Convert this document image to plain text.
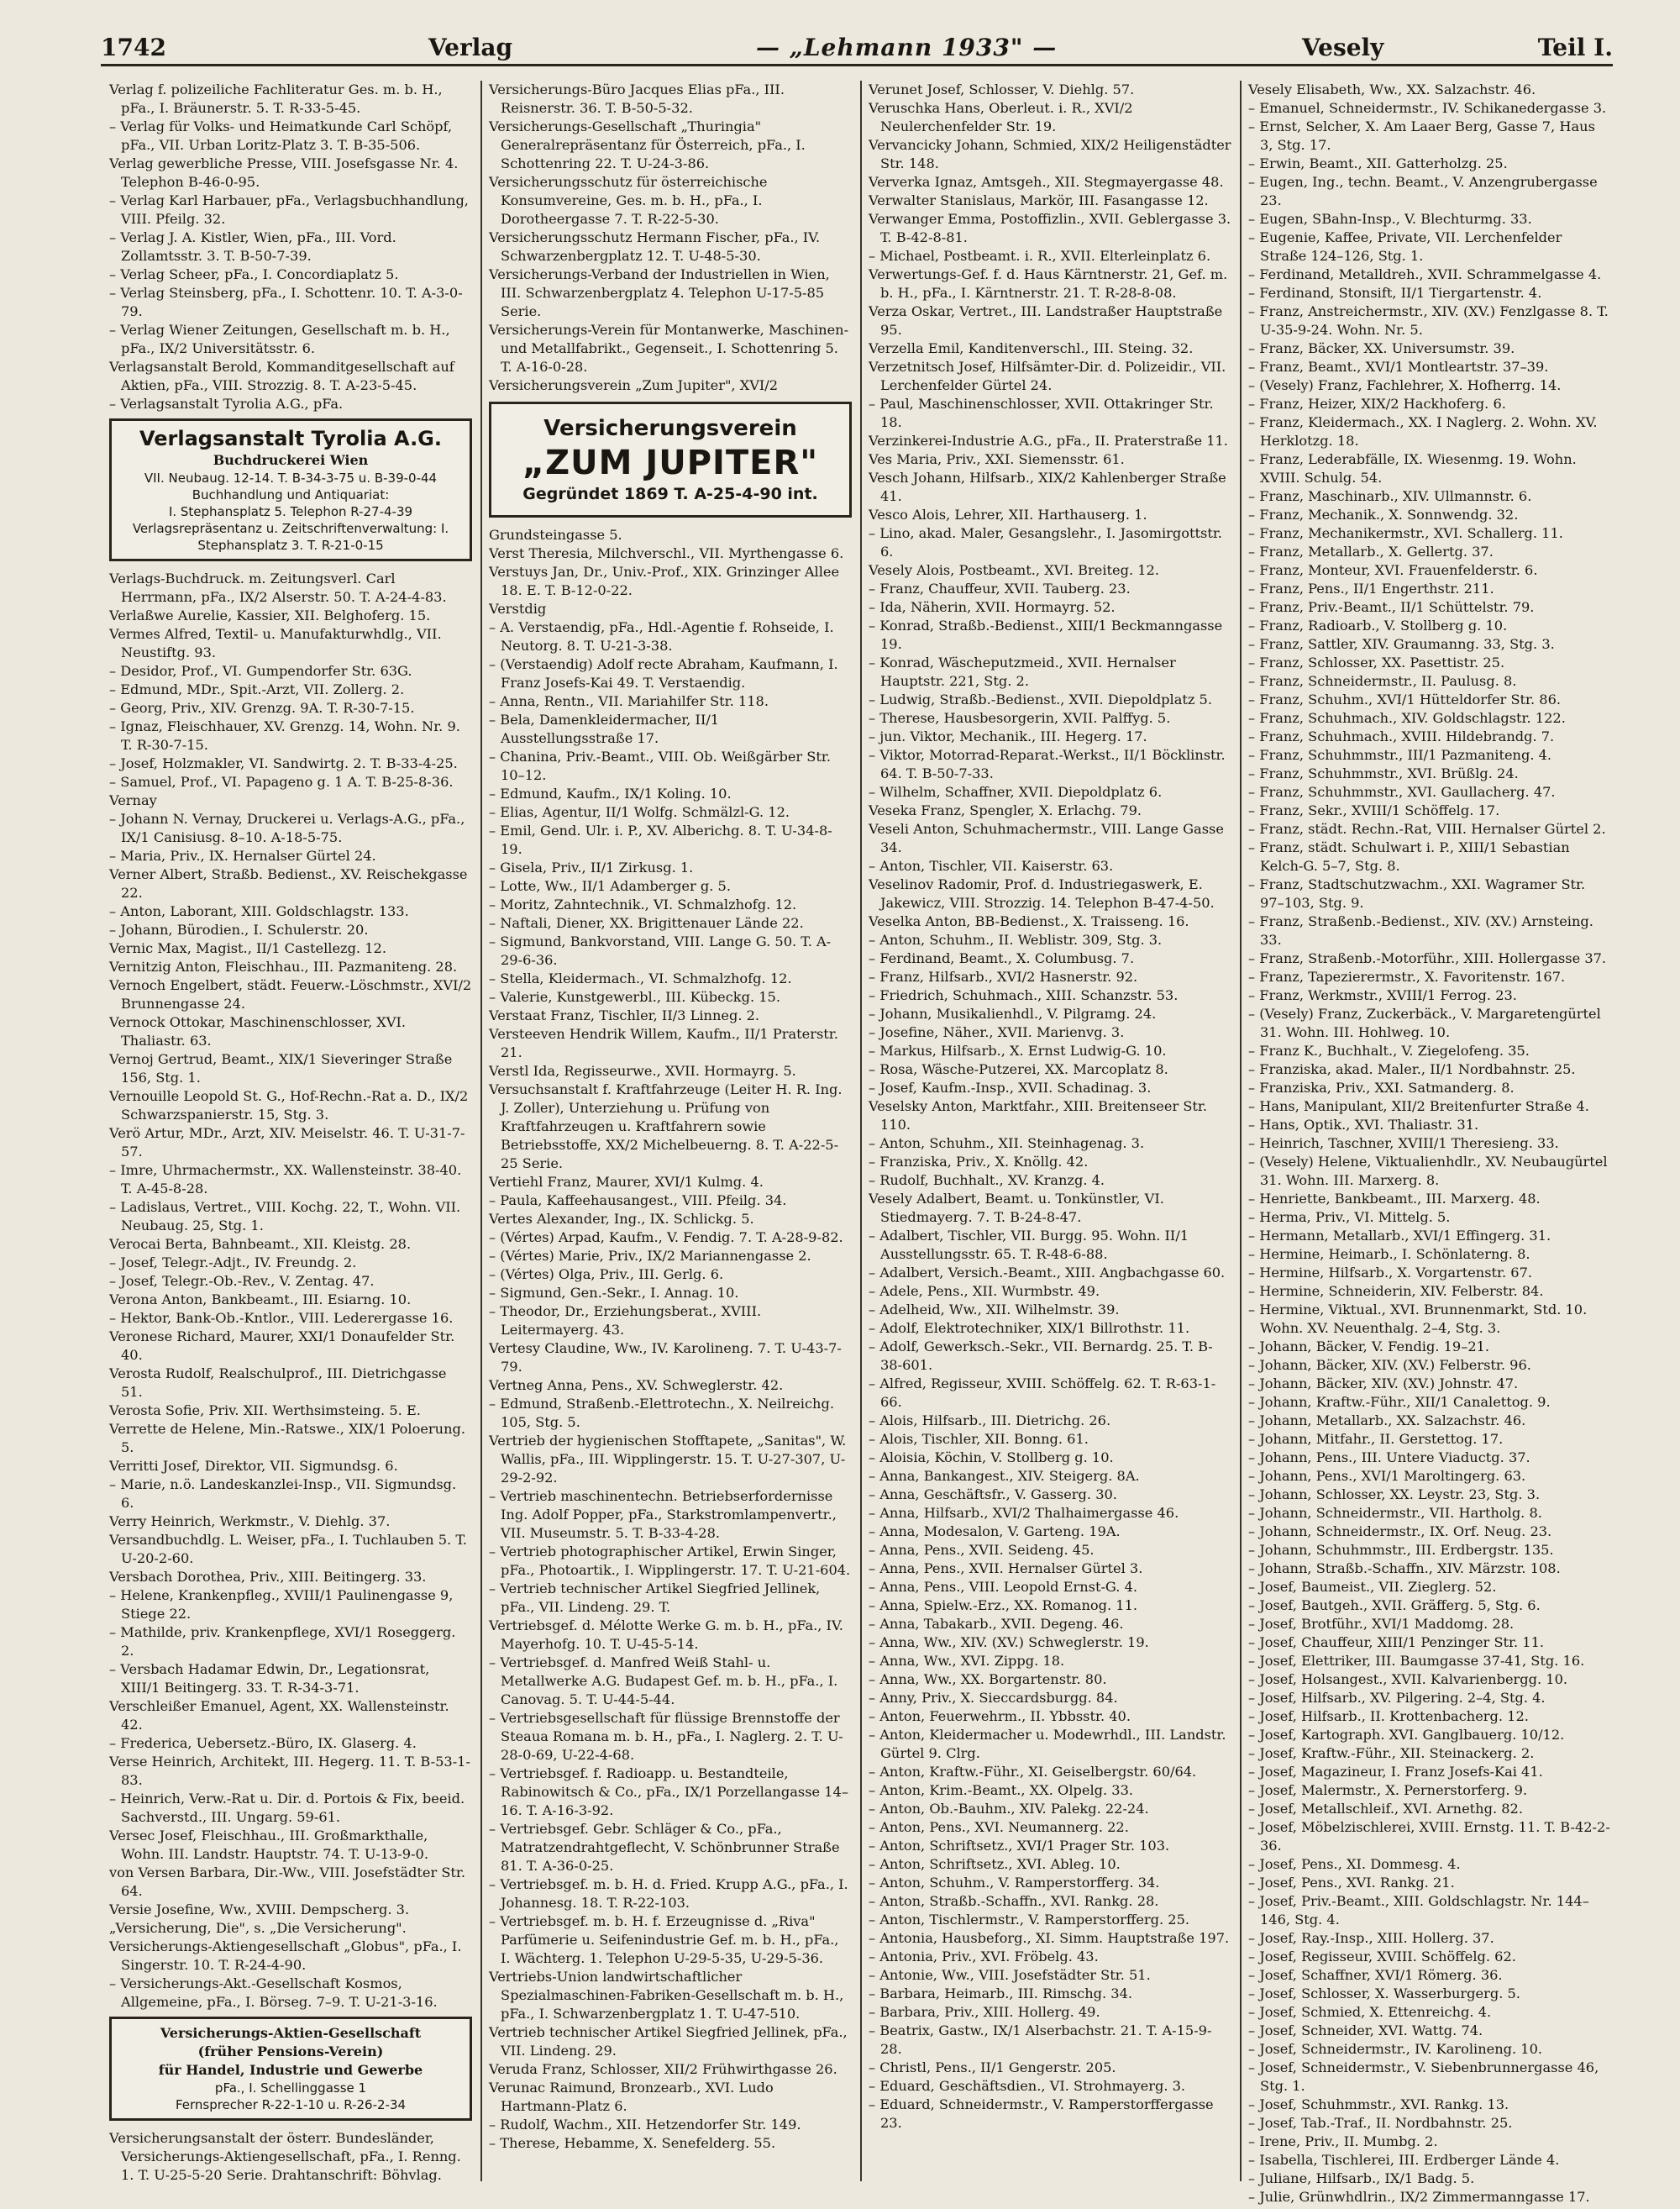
1742	Verlag	— „Lehmann 1933" —	Vesely	Teil I.

Verlag f. polizeiliche Fachliteratur Ges. m. b. H., pFa., I. Bräunerstr. 5. T. R-33-5-45.

– Verlag für Volks- und Heimatkunde Carl Schöpf, pFa., VII. Urban Loritz-Platz 3. T. B-35-506.

Verlag gewerbliche Presse, VIII. Josefsgasse Nr. 4. Telephon B-46-0-95.

– Verlag Karl Harbauer, pFa., Verlagsbuchhandlung, VIII. Pfeilg. 32.

– Verlag J. A. Kistler, Wien, pFa., III. Vord. Zollamtsstr. 3. T. B-50-7-39.

– Verlag Scheer, pFa., I. Concordiaplatz 5.

– Verlag Steinsberg, pFa., I. Schottenr. 10. T. A-3-0-79.

– Verlag Wiener Zeitungen, Gesellschaft m. b. H., pFa., IX/2 Universitätsstr. 6.

Verlagsanstalt Berold, Kommanditgesellschaft auf Aktien, pFa., VIII. Strozzig. 8. T. A-23-5-45.

– Verlagsanstalt Tyrolia A.G., pFa.

Verlagsanstalt Tyrolia A.G.
Buchdruckerei Wien
VII. Neubaug. 12-14. T. B-34-3-75 u. B-39-0-44
Buchhandlung und Antiquariat:
I. Stephansplatz 5. Telephon R-27-4-39
Verlagsrepräsentanz u. Zeitschriftenverwaltung: I. Stephansplatz 3. T. R-21-0-15

Verlags-Buchdruck. m. Zeitungsverl. Carl Herrmann, pFa., IX/2 Alserstr. 50. T. A-24-4-83.

Verlaßwe Aurelie, Kassier, XII. Belghoferg. 15.

Vermes Alfred, Textil- u. Manufakturwhdlg., VII. Neustiftg. 93.

– Desidor, Prof., VI. Gumpendorfer Str. 63G.

– Edmund, MDr., Spit.-Arzt, VII. Zollerg. 2.

– Georg, Priv., XIV. Grenzg. 9A. T. R-30-7-15.

– Ignaz, Fleischhauer, XV. Grenzg. 14, Wohn. Nr. 9. T. R-30-7-15.

– Josef, Holzmakler, VI. Sandwirtg. 2. T. B-33-4-25.

– Samuel, Prof., VI. Papageno g. 1 A. T. B-25-8-36.

Vernay

– Johann N. Vernay, Druckerei u. Verlags-A.G., pFa., IX/1 Canisiusg. 8–10. A-18-5-75.

– Maria, Priv., IX. Hernalser Gürtel 24.

Verner Albert, Straßb. Bedienst., XV. Reischekgasse 22.

– Anton, Laborant, XIII. Goldschlagstr. 133.

– Johann, Bürodien., I. Schulerstr. 20.

Vernic Max, Magist., II/1 Castellezg. 12.

Vernitzig Anton, Fleischhau., III. Pazmaniteng. 28.

Vernoch Engelbert, städt. Feuerw.-Löschmstr., XVI/2 Brunnengasse 24.

Vernock Ottokar, Maschinenschlosser, XVI. Thaliastr. 63.

Vernoj Gertrud, Beamt., XIX/1 Sieveringer Straße 156, Stg. 1.

Vernouille Leopold St. G., Hof-Rechn.-Rat a. D., IX/2 Schwarzspanierstr. 15, Stg. 3.

Verö Artur, MDr., Arzt, XIV. Meiselstr. 46. T. U-31-7-57.

– Imre, Uhrmachermstr., XX. Wallensteinstr. 38-40. T. A-45-8-28.

– Ladislaus, Vertret., VIII. Kochg. 22, T., Wohn. VII. Neubaug. 25, Stg. 1.

Verocai Berta, Bahnbeamt., XII. Kleistg. 28.

– Josef, Telegr.-Adjt., IV. Freundg. 2.

– Josef, Telegr.-Ob.-Rev., V. Zentag. 47.

Verona Anton, Bankbeamt., III. Esiarng. 10.

– Hektor, Bank-Ob.-Kntlor., VIII. Lederergasse 16.

Veronese Richard, Maurer, XXI/1 Donaufelder Str. 40.

Verosta Rudolf, Realschulprof., III. Dietrichgasse 51.

Verosta Sofie, Priv. XII. Werthsimsteing. 5. E.

Verrette de Helene, Min.-Ratswe., XIX/1 Poloerung. 5.

Verritti Josef, Direktor, VII. Sigmundsg. 6.

– Marie, n.ö. Landeskanzlei-Insp., VII. Sigmundsg. 6.

Verry Heinrich, Werkmstr., V. Diehlg. 37.

Versandbuchdlg. L. Weiser, pFa., I. Tuchlauben 5. T. U-20-2-60.

Versbach Dorothea, Priv., XIII. Beitingerg. 33.

– Helene, Krankenpfleg., XVIII/1 Paulinengasse 9, Stiege 22.

– Mathilde, priv. Krankenpflege, XVI/1 Roseggerg. 2.

– Versbach Hadamar Edwin, Dr., Legationsrat, XIII/1 Beitingerg. 33. T. R-34-3-71.

Verschleißer Emanuel, Agent, XX. Wallensteinstr. 42.

– Frederica, Uebersetz.-Büro, IX. Glaserg. 4.

Verse Heinrich, Architekt, III. Hegerg. 11. T. B-53-1-83.

– Heinrich, Verw.-Rat u. Dir. d. Portois & Fix, beeid. Sachverstd., III. Ungarg. 59-61.

Versec Josef, Fleischhau., III. Großmarkthalle, Wohn. III. Landstr. Hauptstr. 74. T. U-13-9-0.

von Versen Barbara, Dir.-Ww., VIII. Josefstädter Str. 64.

Versie Josefine, Ww., XVIII. Dempscherg. 3.

„Versicherung, Die", s. „Die Versicherung".

Versicherungs-Aktiengesellschaft „Globus", pFa., I. Singerstr. 10. T. R-24-4-90.

– Versicherungs-Akt.-Gesellschaft Kosmos, Allgemeine, pFa., I. Börseg. 7–9. T. U-21-3-16.

Versicherungs-Aktien-Gesellschaft
(früher Pensions-Verein)
für Handel, Industrie und Gewerbe
pFa., I. Schellinggasse 1
Fernsprecher R-22-1-10 u. R-26-2-34

Versicherungsanstalt der österr. Bundesländer, Versicherungs-Aktiengesellschaft, pFa., I. Renng. 1. T. U-25-5-20 Serie. Drahtanschrift: Böhvlag.

Versicherungs-Büro Jacques Elias pFa., III. Reisnerstr. 36. T. B-50-5-32.

Versicherungs-Gesellschaft „Thuringia" Generalrepräsentanz für Österreich, pFa., I. Schottenring 22. T. U-24-3-86.

Versicherungsschutz für österreichische Konsumvereine, Ges. m. b. H., pFa., I. Dorotheergasse 7. T. R-22-5-30.

Versicherungsschutz Hermann Fischer, pFa., IV. Schwarzenbergplatz 12. T. U-48-5-30.

Versicherungs-Verband der Industriellen in Wien, III. Schwarzenbergplatz 4. Telephon U-17-5-85 Serie.

Versicherungs-Verein für Montanwerke, Maschinen- und Metallfabrikt., Gegenseit., I. Schottenring 5. T. A-16-0-28.

Versicherungsverein „Zum Jupiter", XVI/2

Versicherungsverein
„ZUM JUPITER"
Gegründet 1869 T. A-25-4-90 int.

Grundsteingasse 5.

Verst Theresia, Milchverschl., VII. Myrthengasse 6.

Verstuys Jan, Dr., Univ.-Prof., XIX. Grinzinger Allee 18. E. T. B-12-0-22.

Verstdig

– A. Verstaendig, pFa., Hdl.-Agentie f. Rohseide, I. Neutorg. 8. T. U-21-3-38.

– (Verstaendig) Adolf recte Abraham, Kaufmann, I. Franz Josefs-Kai 49. T. Verstaendig.

– Anna, Rentn., VII. Mariahilfer Str. 118.

– Bela, Damenkleidermacher, II/1 Ausstellungsstraße 17.

– Chanina, Priv.-Beamt., VIII. Ob. Weißgärber Str. 10–12.

– Edmund, Kaufm., IX/1 Koling. 10.

– Elias, Agentur, II/1 Wolfg. Schmälzl-G. 12.

– Emil, Gend. Ulr. i. P., XV. Alberichg. 8. T. U-34-8-19.

– Gisela, Priv., II/1 Zirkusg. 1.

– Lotte, Ww., II/1 Adamberger g. 5.

– Moritz, Zahntechnik., VI. Schmalzhofg. 12.

– Naftali, Diener, XX. Brigittenauer Lände 22.

– Sigmund, Bankvorstand, VIII. Lange G. 50. T. A-29-6-36.

– Stella, Kleidermach., VI. Schmalzhofg. 12.

– Valerie, Kunstgewerbl., III. Kübeckg. 15.

Verstaat Franz, Tischler, II/3 Linneg. 2.

Versteeven Hendrik Willem, Kaufm., II/1 Praterstr. 21.

Verstl Ida, Regisseurwe., XVII. Hormayrg. 5.

Versuchsanstalt f. Kraftfahrzeuge (Leiter H. R. Ing. J. Zoller), Unterziehung u. Prüfung von Kraftfahrzeugen u. Kraftfahrern sowie Betriebsstoffe, XX/2 Michelbeuerng. 8. T. A-22-5-25 Serie.

Vertiehl Franz, Maurer, XVI/1 Kulmg. 4.

– Paula, Kaffeehausangest., VIII. Pfeilg. 34.

Vertes Alexander, Ing., IX. Schlickg. 5.

– (Vértes) Arpad, Kaufm., V. Fendig. 7. T. A-28-9-82.

– (Vértes) Marie, Priv., IX/2 Mariannengasse 2.

– (Vértes) Olga, Priv., III. Gerlg. 6.

– Sigmund, Gen.-Sekr., I. Annag. 10.

– Theodor, Dr., Erziehungsberat., XVIII. Leitermayerg. 43.

Vertesy Claudine, Ww., IV. Karolineng. 7. T. U-43-7-79.

Vertneg Anna, Pens., XV. Schweglerstr. 42.

– Edmund, Straßenb.-Elettrotechn., X. Neilreichg. 105, Stg. 5.

Vertrieb der hygienischen Stofftapete, „Sanitas", W. Wallis, pFa., III. Wipplingerstr. 15. T. U-27-307, U-29-2-92.

– Vertrieb maschinentechn. Betriebserfordernisse Ing. Adolf Popper, pFa., Starkstromlampenvertr., VII. Museumstr. 5. T. B-33-4-28.

– Vertrieb photographischer Artikel, Erwin Singer, pFa., Photoartik., I. Wipplingerstr. 17. T. U-21-604.

– Vertrieb technischer Artikel Siegfried Jellinek, pFa., VII. Lindeng. 29. T.

Vertriebsgef. d. Mélotte Werke G. m. b. H., pFa., IV. Mayerhofg. 10. T. U-45-5-14.

– Vertriebsgef. d. Manfred Weiß Stahl- u. Metallwerke A.G. Budapest Gef. m. b. H., pFa., I. Canovag. 5. T. U-44-5-44.

– Vertriebsgesellschaft für flüssige Brennstoffe der Steaua Romana m. b. H., pFa., I. Naglerg. 2. T. U-28-0-69, U-22-4-68.

– Vertriebsgef. f. Radioapp. u. Bestandteile, Rabinowitsch & Co., pFa., IX/1 Porzellangasse 14–16. T. A-16-3-92.

– Vertriebsgef. Gebr. Schläger & Co., pFa., Matratzendrahtgeflecht, V. Schönbrunner Straße 81. T. A-36-0-25.

– Vertriebsgef. m. b. H. d. Fried. Krupp A.G., pFa., I. Johannesg. 18. T. R-22-103.

– Vertriebsgef. m. b. H. f. Erzeugnisse d. „Riva" Parfümerie u. Seifenindustrie Gef. m. b. H., pFa., I. Wächterg. 1. Telephon U-29-5-35, U-29-5-36.

Vertriebs-Union landwirtschaftlicher Spezialmaschinen-Fabriken-Gesellschaft m. b. H., pFa., I. Schwarzenbergplatz 1. T. U-47-510.

Vertrieb technischer Artikel Siegfried Jellinek, pFa., VII. Lindeng. 29.

Veruda Franz, Schlosser, XII/2 Frühwirthgasse 26.

Verunac Raimund, Bronzearb., XVI. Ludo Hartmann-Platz 6.

– Rudolf, Wachm., XII. Hetzendorfer Str. 149.

– Therese, Hebamme, X. Senefelderg. 55.

Verunet Josef, Schlosser, V. Diehlg. 57.

Veruschka Hans, Oberleut. i. R., XVI/2 Neulerchenfelder Str. 19.

Vervancicky Johann, Schmied, XIX/2 Heiligenstädter Str. 148.

Ververka Ignaz, Amtsgeh., XII. Stegmayergasse 48.

Verwalter Stanislaus, Markör, III. Fasangasse 12.

Verwanger Emma, Postoffizlin., XVII. Geblergasse 3. T. B-42-8-81.

– Michael, Postbeamt. i. R., XVII. Elterleinplatz 6.

Verwertungs-Gef. f. d. Haus Kärntnerstr. 21, Gef. m. b. H., pFa., I. Kärntnerstr. 21. T. R-28-8-08.

Verza Oskar, Vertret., III. Landstraßer Hauptstraße 95.

Verzella Emil, Kanditenverschl., III. Steing. 32.

Verzetnitsch Josef, Hilfsämter-Dir. d. Polizeidir., VII. Lerchenfelder Gürtel 24.

– Paul, Maschinenschlosser, XVII. Ottakringer Str. 18.

Verzinkerei-Industrie A.G., pFa., II. Praterstraße 11.

Ves Maria, Priv., XXI. Siemensstr. 61.

Vesch Johann, Hilfsarb., XIX/2 Kahlenberger Straße 41.

Vesco Alois, Lehrer, XII. Harthauserg. 1.

– Lino, akad. Maler, Gesangslehr., I. Jasomirgottstr. 6.

Vesely Alois, Postbeamt., XVI. Breiteg. 12.

– Franz, Chauffeur, XVII. Tauberg. 23.

– Ida, Näherin, XVII. Hormayrg. 52.

– Konrad, Straßb.-Bedienst., XIII/1 Beckmanngasse 19.

– Konrad, Wäscheputzmeid., XVII. Hernalser Hauptstr. 221, Stg. 2.

– Ludwig, Straßb.-Bedienst., XVII. Diepoldplatz 5.

– Therese, Hausbesorgerin, XVII. Palffyg. 5.

– jun. Viktor, Mechanik., III. Hegerg. 17.

– Viktor, Motorrad-Reparat.-Werkst., II/1 Böcklinstr. 64. T. B-50-7-33.

– Wilhelm, Schaffner, XVII. Diepoldplatz 6.

Veseka Franz, Spengler, X. Erlachg. 79.

Veseli Anton, Schuhmachermstr., VIII. Lange Gasse 34.

– Anton, Tischler, VII. Kaiserstr. 63.

Veselinov Radomir, Prof. d. Industriegaswerk, E. Jakewicz, VIII. Strozzig. 14. Telephon B-47-4-50.

Veselka Anton, BB-Bedienst., X. Traisseng. 16.

– Anton, Schuhm., II. Weblistr. 309, Stg. 3.

– Ferdinand, Beamt., X. Columbusg. 7.

– Franz, Hilfsarb., XVI/2 Hasnerstr. 92.

– Friedrich, Schuhmach., XIII. Schanzstr. 53.

– Johann, Musikalienhdl., V. Pilgramg. 24.

– Josefine, Näher., XVII. Marienvg. 3.

– Markus, Hilfsarb., X. Ernst Ludwig-G. 10.

– Rosa, Wäsche-Putzerei, XX. Marcoplatz 8.

– Josef, Kaufm.-Insp., XVII. Schadinag. 3.

Veselsky Anton, Marktfahr., XIII. Breitenseer Str. 110.

– Anton, Schuhm., XII. Steinhagenag. 3.

– Franziska, Priv., X. Knöllg. 42.

– Rudolf, Buchhalt., XV. Kranzg. 4.

Vesely Adalbert, Beamt. u. Tonkünstler, VI. Stiedmayerg. 7. T. B-24-8-47.

– Adalbert, Tischler, VII. Burgg. 95. Wohn. II/1 Ausstellungsstr. 65. T. R-48-6-88.

– Adalbert, Versich.-Beamt., XIII. Angbachgasse 60.

– Adele, Pens., XII. Wurmbstr. 49.

– Adelheid, Ww., XII. Wilhelmstr. 39.

– Adolf, Elektrotechniker, XIX/1 Billrothstr. 11.

– Adolf, Gewerksch.-Sekr., VII. Bernardg. 25. T. B-38-601.

– Alfred, Regisseur, XVIII. Schöffelg. 62. T. R-63-1-66.

– Alois, Hilfsarb., III. Dietrichg. 26.

– Alois, Tischler, XII. Bonng. 61.

– Aloisia, Köchin, V. Stollberg g. 10.

– Anna, Bankangest., XIV. Steigerg. 8A.

– Anna, Geschäftsfr., V. Gasserg. 30.

– Anna, Hilfsarb., XVI/2 Thalhaimergasse 46.

– Anna, Modesalon, V. Garteng. 19A.

– Anna, Pens., XVII. Seideng. 45.

– Anna, Pens., XVII. Hernalser Gürtel 3.

– Anna, Pens., VIII. Leopold Ernst-G. 4.

– Anna, Spielw.-Erz., XX. Romanog. 11.

– Anna, Tabakarb., XVII. Degeng. 46.

– Anna, Ww., XIV. (XV.) Schweglerstr. 19.

– Anna, Ww., XVI. Zippg. 18.

– Anna, Ww., XX. Borgartenstr. 80.

– Anny, Priv., X. Sieccardsburgg. 84.

– Anton, Feuerwehrm., II. Ybbsstr. 40.

– Anton, Kleidermacher u. Modewrhdl., III. Landstr. Gürtel 9. Clrg.

– Anton, Kraftw.-Führ., XI. Geiselbergstr. 60/64.

– Anton, Krim.-Beamt., XX. Olpelg. 33.

– Anton, Ob.-Bauhm., XIV. Palekg. 22-24.

– Anton, Pens., XVI. Neumannerg. 22.

– Anton, Schriftsetz., XVI/1 Prager Str. 103.

– Anton, Schriftsetz., XVI. Ableg. 10.

– Anton, Schuhm., V. Ramperstorfferg. 34.

– Anton, Straßb.-Schaffn., XVI. Rankg. 28.

– Anton, Tischlermstr., V. Ramperstorfferg. 25.

– Antonia, Hausbeforg., XI. Simm. Hauptstraße 197.

– Antonia, Priv., XVI. Fröbelg. 43.

– Antonie, Ww., VIII. Josefstädter Str. 51.

– Barbara, Heimarb., III. Rimschg. 34.

– Barbara, Priv., XIII. Hollerg. 49.

– Beatrix, Gastw., IX/1 Alserbachstr. 21. T. A-15-9-28.

– Christl, Pens., II/1 Gengerstr. 205.

– Eduard, Geschäftsdien., VI. Strohmayerg. 3.

– Eduard, Schneidermstr., V. Ramperstorffergasse 23.

Vesely Elisabeth, Ww., XX. Salzachstr. 46.

– Emanuel, Schneidermstr., IV. Schikanedergasse 3.

– Ernst, Selcher, X. Am Laaer Berg, Gasse 7, Haus 3, Stg. 17.

– Erwin, Beamt., XII. Gatterholzg. 25.

– Eugen, Ing., techn. Beamt., V. Anzengrubergasse 23.

– Eugen, SBahn-Insp., V. Blechturmg. 33.

– Eugenie, Kaffee, Private, VII. Lerchenfelder Straße 124–126, Stg. 1.

– Ferdinand, Metalldreh., XVII. Schrammelgasse 4.

– Ferdinand, Stonsift, II/1 Tiergartenstr. 4.

– Franz, Anstreichermstr., XIV. (XV.) Fenzlgasse 8. T. U-35-9-24. Wohn. Nr. 5.

– Franz, Bäcker, XX. Universumstr. 39.

– Franz, Beamt., XVI/1 Montleartstr. 37–39.

– (Vesely) Franz, Fachlehrer, X. Hofherrg. 14.

– Franz, Heizer, XIX/2 Hackhoferg. 6.

– Franz, Kleidermach., XX. I Naglerg. 2. Wohn. XV. Herklotzg. 18.

– Franz, Lederabfälle, IX. Wiesenmg. 19. Wohn. XVIII. Schulg. 54.

– Franz, Maschinarb., XIV. Ullmannstr. 6.

– Franz, Mechanik., X. Sonnwendg. 32.

– Franz, Mechanikermstr., XVI. Schallerg. 11.

– Franz, Metallarb., X. Gellertg. 37.

– Franz, Monteur, XVI. Frauenfelderstr. 6.

– Franz, Pens., II/1 Engerthstr. 211.

– Franz, Priv.-Beamt., II/1 Schüttelstr. 79.

– Franz, Radioarb., V. Stollberg g. 10.

– Franz, Sattler, XIV. Graumanng. 33, Stg. 3.

– Franz, Schlosser, XX. Pasettistr. 25.

– Franz, Schneidermstr., II. Paulusg. 8.

– Franz, Schuhm., XVI/1 Hütteldorfer Str. 86.

– Franz, Schuhmach., XIV. Goldschlagstr. 122.

– Franz, Schuhmach., XVIII. Hildebrandg. 7.

– Franz, Schuhmmstr., III/1 Pazmaniteng. 4.

– Franz, Schuhmmstr., XVI. Brüßlg. 24.

– Franz, Schuhmmstr., XVI. Gaullacherg. 47.

– Franz, Sekr., XVIII/1 Schöffelg. 17.

– Franz, städt. Rechn.-Rat, VIII. Hernalser Gürtel 2.

– Franz, städt. Schulwart i. P., XIII/1 Sebastian Kelch-G. 5–7, Stg. 8.

– Franz, Stadtschutzwachm., XXI. Wagramer Str. 97–103, Stg. 9.

– Franz, Straßenb.-Bedienst., XIV. (XV.) Arnsteing. 33.

– Franz, Straßenb.-Motorführ., XIII. Hollergasse 37.

– Franz, Tapezierermstr., X. Favoritenstr. 167.

– Franz, Werkmstr., XVIII/1 Ferrog. 23.

– (Vesely) Franz, Zuckerbäck., V. Margaretengürtel 31. Wohn. III. Hohlweg. 10.

– Franz K., Buchhalt., V. Ziegelofeng. 35.

– Franziska, akad. Maler., II/1 Nordbahnstr. 25.

– Franziska, Priv., XXI. Satmanderg. 8.

– Hans, Manipulant, XII/2 Breitenfurter Straße 4.

– Hans, Optik., XVI. Thaliastr. 31.

– Heinrich, Taschner, XVIII/1 Theresieng. 33.

– (Vesely) Helene, Viktualienhdlr., XV. Neubaugürtel 31. Wohn. III. Marxerg. 8.

– Henriette, Bankbeamt., III. Marxerg. 48.

– Herma, Priv., VI. Mittelg. 5.

– Hermann, Metallarb., XVI/1 Effingerg. 31.

– Hermine, Heimarb., I. Schönlaterng. 8.

– Hermine, Hilfsarb., X. Vorgartenstr. 67.

– Hermine, Schneiderin, XIV. Felberstr. 84.

– Hermine, Viktual., XVI. Brunnenmarkt, Std. 10. Wohn. XV. Neuenthalg. 2–4, Stg. 3.

– Johann, Bäcker, V. Fendig. 19–21.

– Johann, Bäcker, XIV. (XV.) Felberstr. 96.

– Johann, Bäcker, XIV. (XV.) Johnstr. 47.

– Johann, Kraftw.-Führ., XII/1 Canalettog. 9.

– Johann, Metallarb., XX. Salzachstr. 46.

– Johann, Mitfahr., II. Gerstettog. 17.

– Johann, Pens., III. Untere Viaductg. 37.

– Johann, Pens., XVI/1 Maroltingerg. 63.

– Johann, Schlosser, XX. Leystr. 23, Stg. 3.

– Johann, Schneidermstr., VII. Hartholg. 8.

– Johann, Schneidermstr., IX. Orf. Neug. 23.

– Johann, Schuhmmstr., III. Erdbergstr. 135.

– Johann, Straßb.-Schaffn., XIV. Märzstr. 108.

– Josef, Baumeist., VII. Zieglerg. 52.

– Josef, Bautgeh., XVII. Gräfferg. 5, Stg. 6.

– Josef, Brotführ., XVI/1 Maddomg. 28.

– Josef, Chauffeur, XIII/1 Penzinger Str. 11.

– Josef, Elettriker, III. Baumgasse 37-41, Stg. 16.

– Josef, Holsangest., XVII. Kalvarienbergg. 10.

– Josef, Hilfsarb., XV. Pilgering. 2–4, Stg. 4.

– Josef, Hilfsarb., II. Krottenbacherg. 12.

– Josef, Kartograph. XVI. Ganglbauerg. 10/12.

– Josef, Kraftw.-Führ., XII. Steinackerg. 2.

– Josef, Magazineur, I. Franz Josefs-Kai 41.

– Josef, Malermstr., X. Pernerstorferg. 9.

– Josef, Metallschleif., XVI. Arnethg. 82.

– Josef, Möbelzischlerei, XVIII. Ernstg. 11. T. B-42-2-36.

– Josef, Pens., XI. Dommesg. 4.

– Josef, Pens., XVI. Rankg. 21.

– Josef, Priv.-Beamt., XIII. Goldschlagstr. Nr. 144–146, Stg. 4.

– Josef, Ray.-Insp., XIII. Hollerg. 37.

– Josef, Regisseur, XVIII. Schöffelg. 62.

– Josef, Schaffner, XVI/1 Römerg. 36.

– Josef, Schlosser, X. Wasserburgerg. 5.

– Josef, Schmied, X. Ettenreichg. 4.

– Josef, Schneider, XVI. Wattg. 74.

– Josef, Schneidermstr., IV. Karolineng. 10.

– Josef, Schneidermstr., V. Siebenbrunnergasse 46, Stg. 1.

– Josef, Schuhmmstr., XVI. Rankg. 13.

– Josef, Tab.-Traf., II. Nordbahnstr. 25.

– Irene, Priv., II. Mumbg. 2.

– Isabella, Tischlerei, III. Erdberger Lände 4.

– Juliane, Hilfsarb., IX/1 Badg. 5.

– Julie, Grünwhdlrin., IX/2 Zimmermanngasse 17.
